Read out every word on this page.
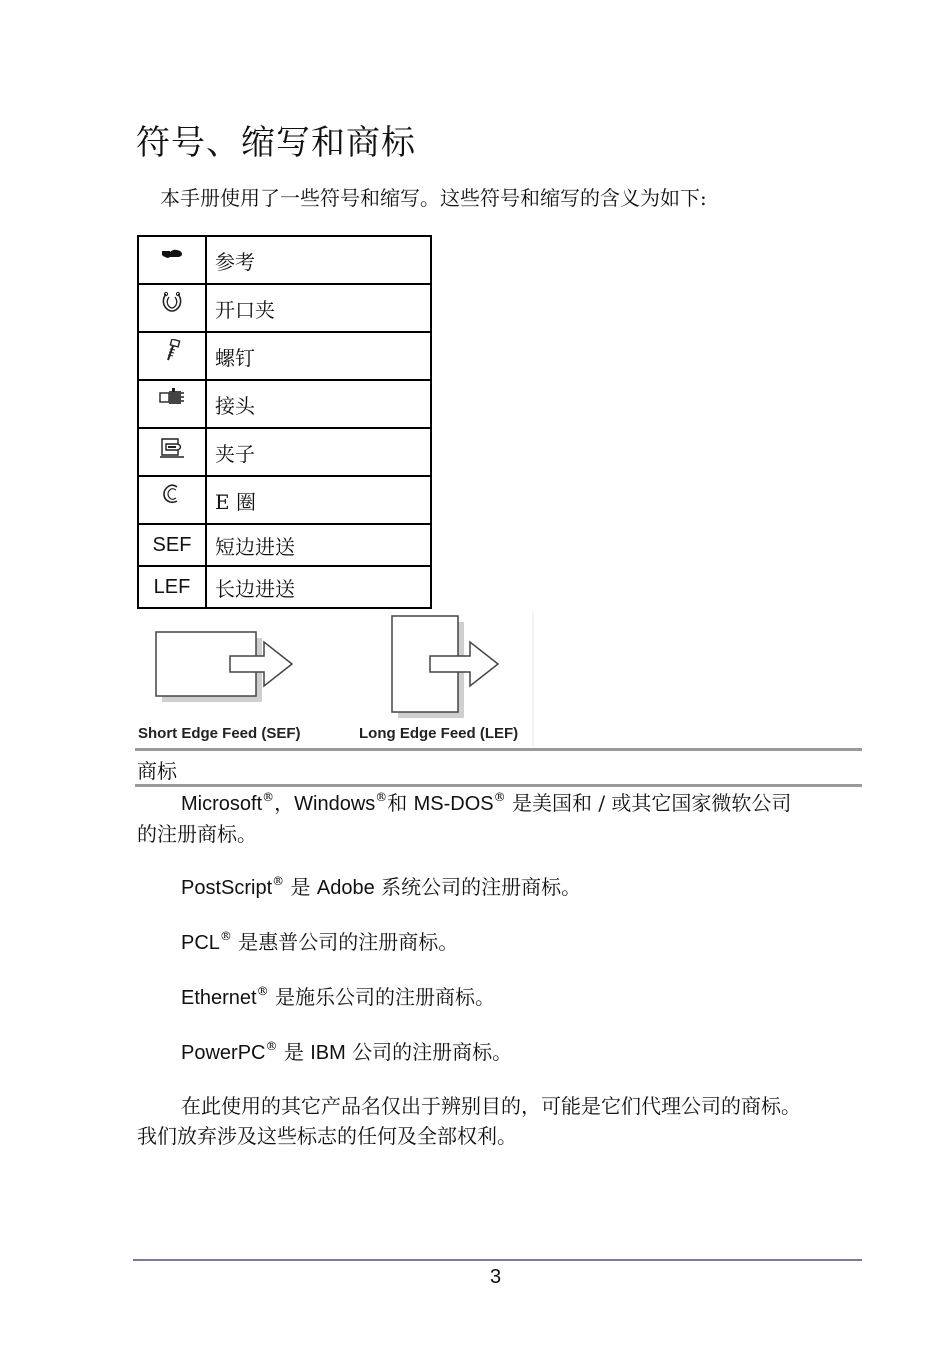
符号、缩写和商标
本手册使用了一些符号和缩写。这些符号和缩写的含义为如下:
	参考
	开口夹
	螺钉
	接头
	夹子
	E 圈
SEF	短边进送
LEF	长边进送
Short Edge Feed (SEF)	Long Edge Feed (LEF)
商标
Microsoft®，Windows®和 MS-DOS® 是美国和 / 或其它国家微软公司
的注册商标。
PostScript® 是 Adobe 系统公司的注册商标。
PCL® 是惠普公司的注册商标。
Ethernet® 是施乐公司的注册商标。
PowerPC® 是 IBM 公司的注册商标。
在此使用的其它产品名仅出于辨别目的，可能是它们代理公司的商标。
我们放弃涉及这些标志的任何及全部权利。
3
